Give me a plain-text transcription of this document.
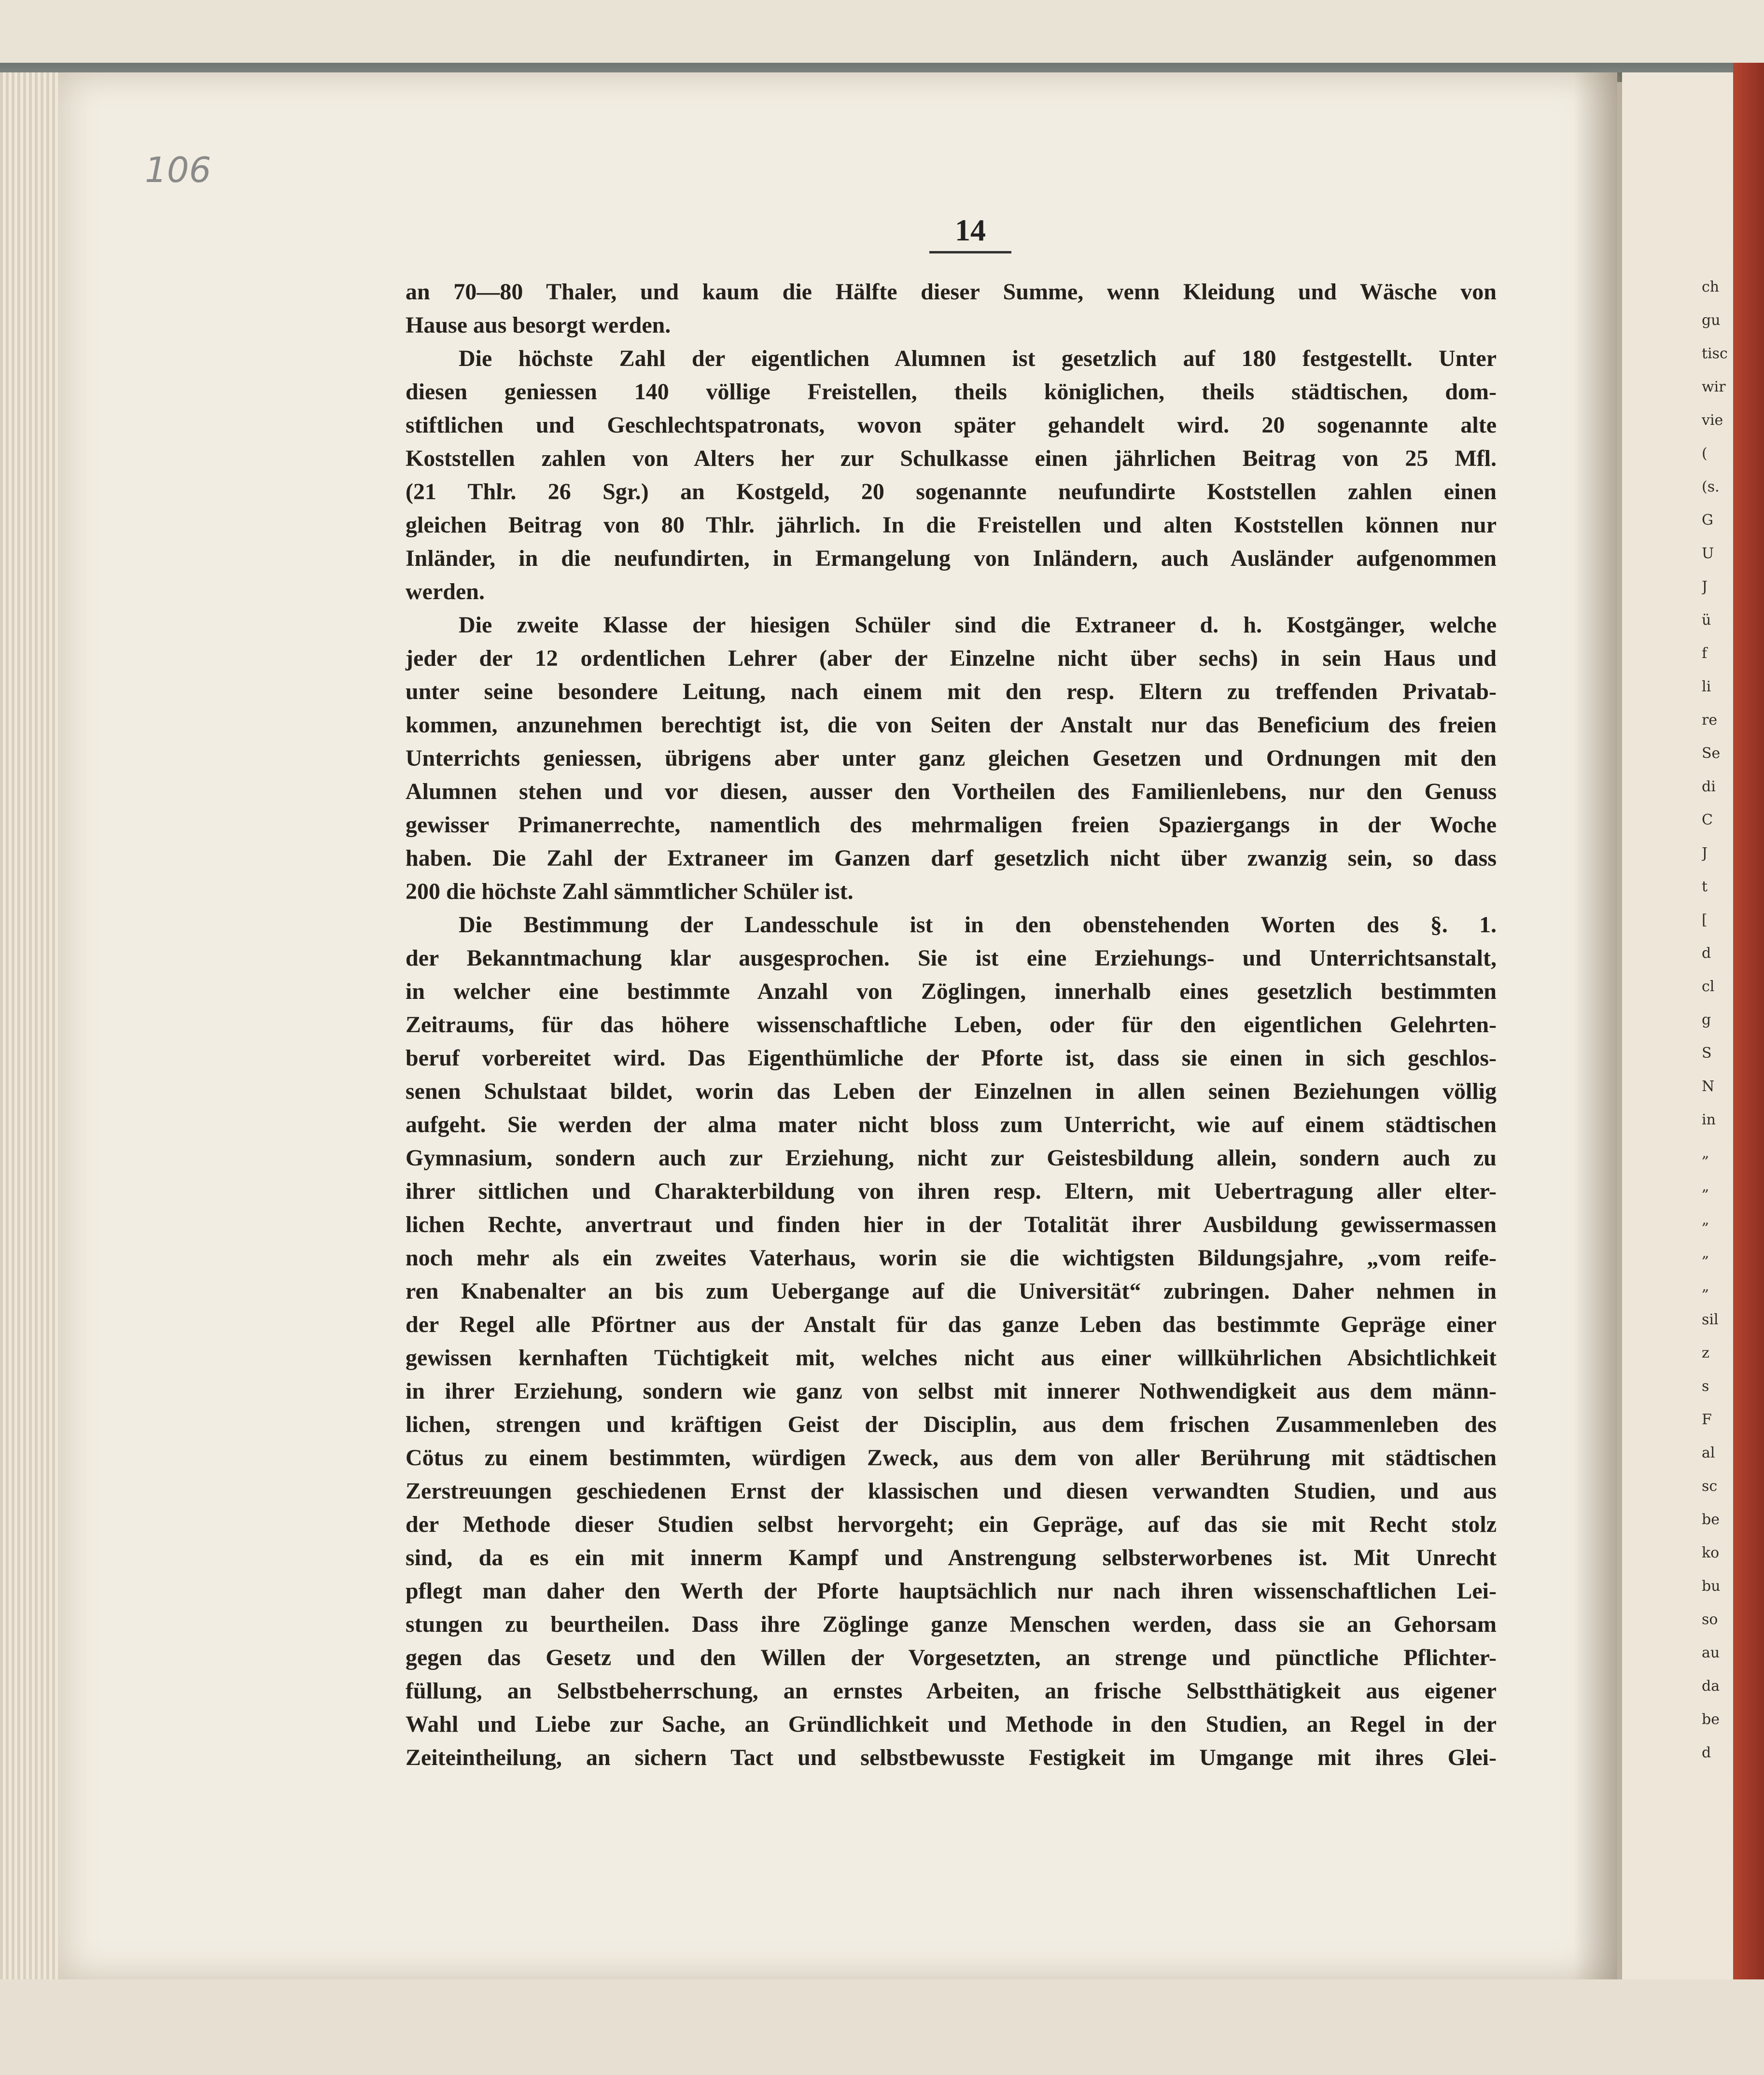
ch
gu
tisc
wir
vie
(
(s.
G
U
J
ü
f
li
re
Se
di
C
J
t
[
d
cl
g
S
N
in
„
„
„
„
„
sil
z
s
F
al
sc
be
ko
bu
so
au
da
be
d
106
14
an 70—80 Thaler, und kaum die Hälfte dieser Summe, wenn Kleidung und Wäsche von
Hause aus besorgt werden.
Die höchste Zahl der eigentlichen Alumnen ist gesetzlich auf 180 festgestellt. Unter
diesen geniessen 140 völlige Freistellen, theils königlichen, theils städtischen, dom-
stiftlichen und Geschlechtspatronats, wovon später gehandelt wird. 20 sogenannte alte
Koststellen zahlen von Alters her zur Schulkasse einen jährlichen Beitrag von 25 Mfl.
(21 Thlr. 26 Sgr.) an Kostgeld, 20 sogenannte neufundirte Koststellen zahlen einen
gleichen Beitrag von 80 Thlr. jährlich. In die Freistellen und alten Koststellen können nur
Inländer, in die neufundirten, in Ermangelung von Inländern, auch Ausländer aufgenommen
werden.
Die zweite Klasse der hiesigen Schüler sind die Extraneer d. h. Kostgänger, welche
jeder der 12 ordentlichen Lehrer (aber der Einzelne nicht über sechs) in sein Haus und
unter seine besondere Leitung, nach einem mit den resp. Eltern zu treffenden Privatab-
kommen, anzunehmen berechtigt ist, die von Seiten der Anstalt nur das Beneficium des freien
Unterrichts geniessen, übrigens aber unter ganz gleichen Gesetzen und Ordnungen mit den
Alumnen stehen und vor diesen, ausser den Vortheilen des Familienlebens, nur den Genuss
gewisser Primanerrechte, namentlich des mehrmaligen freien Spaziergangs in der Woche
haben. Die Zahl der Extraneer im Ganzen darf gesetzlich nicht über zwanzig sein, so dass
200 die höchste Zahl sämmtlicher Schüler ist.
Die Bestimmung der Landesschule ist in den obenstehenden Worten des §. 1.
der Bekanntmachung klar ausgesprochen. Sie ist eine Erziehungs- und Unterrichtsanstalt,
in welcher eine bestimmte Anzahl von Zöglingen, innerhalb eines gesetzlich bestimmten
Zeitraums, für das höhere wissenschaftliche Leben, oder für den eigentlichen Gelehrten-
beruf vorbereitet wird. Das Eigenthümliche der Pforte ist, dass sie einen in sich geschlos-
senen Schulstaat bildet, worin das Leben der Einzelnen in allen seinen Beziehungen völlig
aufgeht. Sie werden der alma mater nicht bloss zum Unterricht, wie auf einem städtischen
Gymnasium, sondern auch zur Erziehung, nicht zur Geistesbildung allein, sondern auch zu
ihrer sittlichen und Charakterbildung von ihren resp. Eltern, mit Uebertragung aller elter-
lichen Rechte, anvertraut und finden hier in der Totalität ihrer Ausbildung gewissermassen
noch mehr als ein zweites Vaterhaus, worin sie die wichtigsten Bildungsjahre, „vom reife-
ren Knabenalter an bis zum Uebergange auf die Universität“ zubringen. Daher nehmen in
der Regel alle Pförtner aus der Anstalt für das ganze Leben das bestimmte Gepräge einer
gewissen kernhaften Tüchtigkeit mit, welches nicht aus einer willkührlichen Absichtlichkeit
in ihrer Erziehung, sondern wie ganz von selbst mit innerer Nothwendigkeit aus dem männ-
lichen, strengen und kräftigen Geist der Disciplin, aus dem frischen Zusammenleben des
Cötus zu einem bestimmten, würdigen Zweck, aus dem von aller Berührung mit städtischen
Zerstreuungen geschiedenen Ernst der klassischen und diesen verwandten Studien, und aus
der Methode dieser Studien selbst hervorgeht; ein Gepräge, auf das sie mit Recht stolz
sind, da es ein mit innerm Kampf und Anstrengung selbsterworbenes ist. Mit Unrecht
pflegt man daher den Werth der Pforte hauptsächlich nur nach ihren wissenschaftlichen Lei-
stungen zu beurtheilen. Dass ihre Zöglinge ganze Menschen werden, dass sie an Gehorsam
gegen das Gesetz und den Willen der Vorgesetzten, an strenge und pünctliche Pflichter-
füllung, an Selbstbeherrschung, an ernstes Arbeiten, an frische Selbstthätigkeit aus eigener
Wahl und Liebe zur Sache, an Gründlichkeit und Methode in den Studien, an Regel in der
Zeiteintheilung, an sichern Tact und selbstbewusste Festigkeit im Umgange mit ihres Glei-
